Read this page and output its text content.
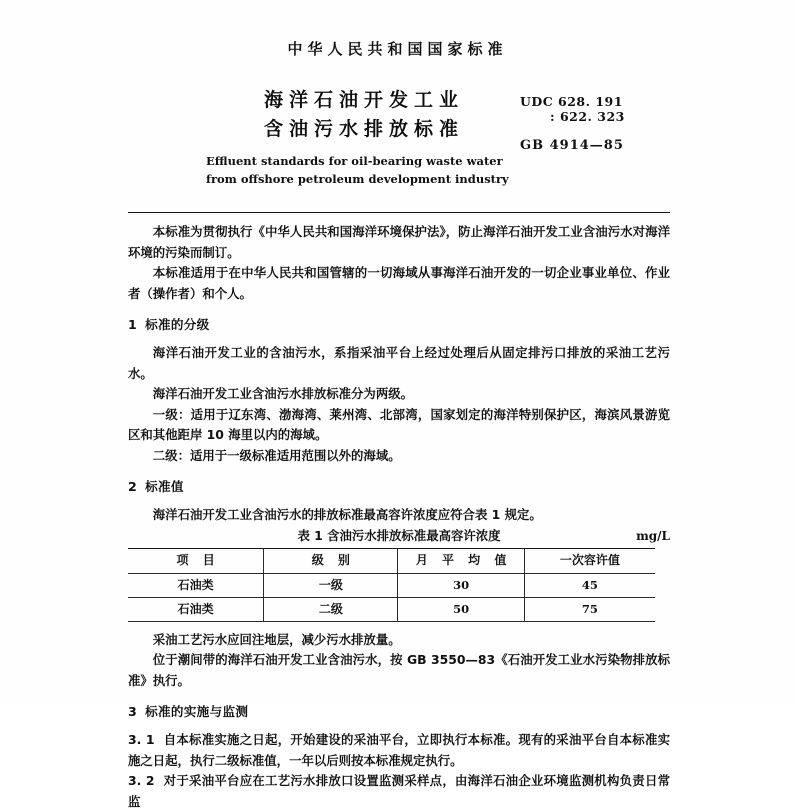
中华人民共和国国家标准
海洋石油开发工业
含油污水排放标准
Effluent standards for oil-bearing waste water
from offshore petroleum development industry
UDC 628. 191
: 622. 323
GB 4914—85

本标准为贯彻执行《中华人民共和国海洋环境保护法》，防止海洋石油开发工业含油污水对海洋环境的污染而制订。

本标准适用于在中华人民共和国管辖的一切海域从事海洋石油开发的一切企业事业单位、作业者（操作者）和个人。

1 标准的分级

海洋石油开发工业的含油污水，系指采油平台上经过处理后从固定排污口排放的采油工艺污水。

海洋石油开发工业含油污水排放标准分为两级。

一级：适用于辽东湾、渤海湾、莱州湾、北部湾，国家划定的海洋特别保护区，海滨风景游览区和其他距岸 10 海里以内的海域。

二级：适用于一级标准适用范围以外的海域。

2 标准值

海洋石油开发工业含油污水的排放标准最高容许浓度应符合表 1 规定。

表 1 含油污水排放标准最高容许浓度	mg/L

项 目	级 别	月 平 均 值	一次容许值
石油类	一级	30	45
石油类	二级	50	75

采油工艺污水应回注地层，减少污水排放量。

位于潮间带的海洋石油开发工业含油污水，按 GB 3550—83《石油开发工业水污染物排放标准》执行。

3 标准的实施与监测

3. 1 自本标准实施之日起，开始建设的采油平台，立即执行本标准。现有的采油平台自本标准实施之日起，执行二级标准值，一年以后则按本标准规定执行。

3. 2 对于采油平台应在工艺污水排放口设置监测采样点，由海洋石油企业环境监测机构负责日常监
